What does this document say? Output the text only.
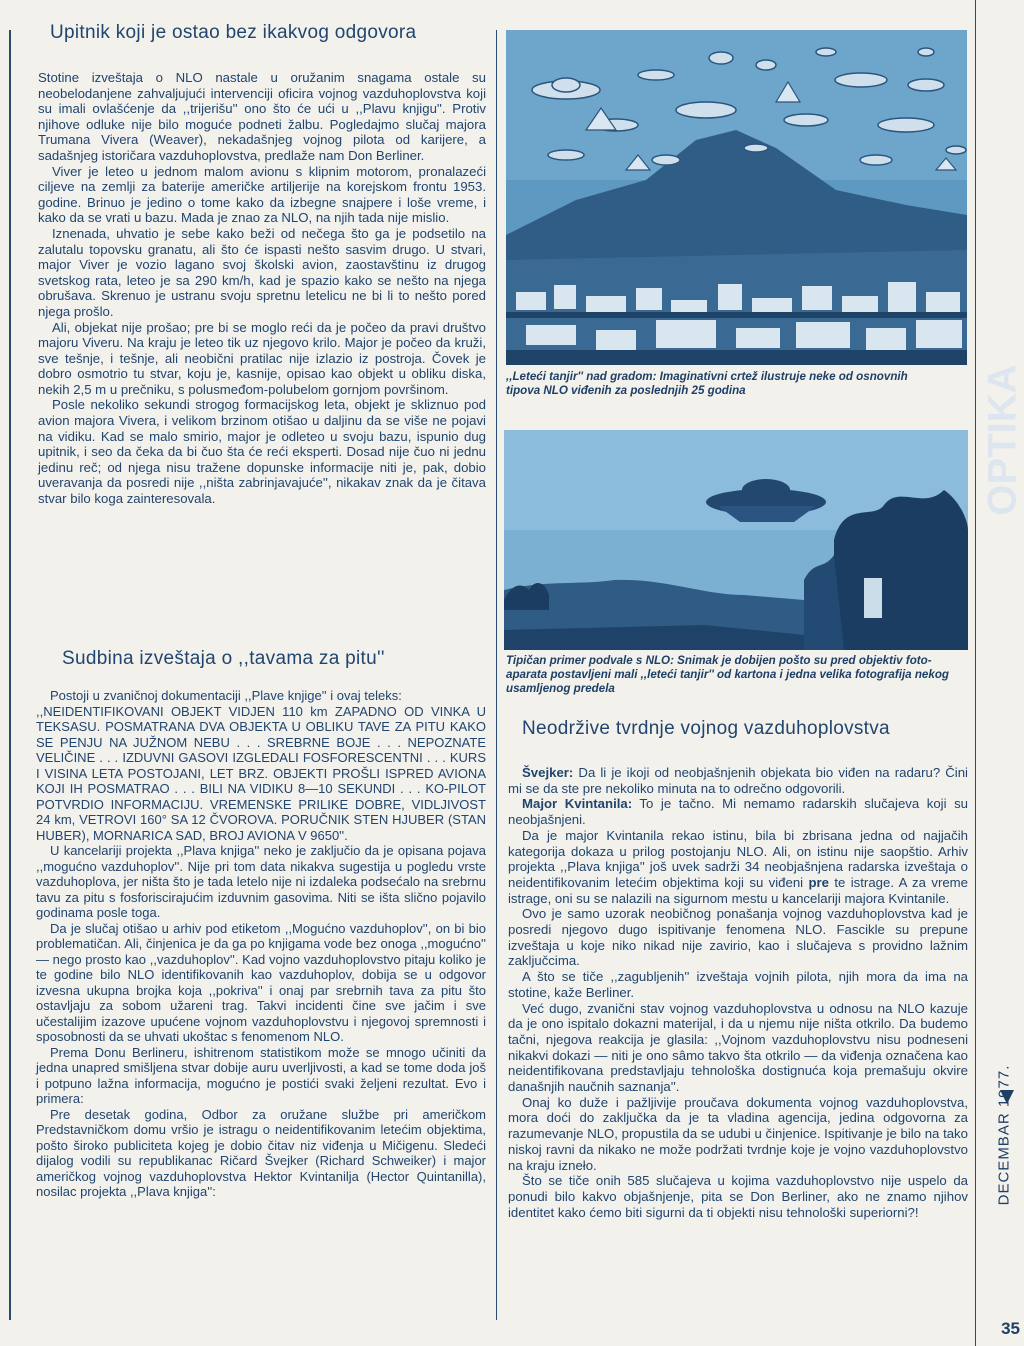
Upitnik koji je ostao bez ikakvog odgovora

Stotine izveštaja o NLO nastale u oružanim snagama ostale su neobelodanjene zahvaljujući intervenciji oficira vojnog vazduhoplovstva koji su imali ovlašćenje da ,,trijerišu'' ono što će ući u ,,Plavu knjigu''. Protiv njihove odluke nije bilo moguće podneti žalbu. Pogledajmo slučaj majora Trumana Vivera (Weaver), nekadašnjeg vojnog pilota od karijere, a sadašnjeg istoričara vazduhoplovstva, predlaže nam Don Berliner.

Viver je leteo u jednom malom avionu s klipnim motorom, pronalazeći ciljeve na zemlji za baterije američke artiljerije na korejskom frontu 1953. godine. Brinuo je jedino o tome kako da izbegne snajpere i loše vreme, i kako da se vrati u bazu. Mada je znao za NLO, na njih tada nije mislio.

Iznenada, uhvatio je sebe kako beži od nečega što ga je podsetilo na zalutalu topovsku granatu, ali što će ispasti nešto sasvim drugo. U stvari, major Viver je vozio lagano svoj školski avion, zaostavštinu iz drugog svetskog rata, leteo je sa 290 km/h, kad je spazio kako se nešto na njega obrušava. Skrenuo je ustranu svoju spretnu letelicu ne bi li to nešto pored njega prošlo.

Ali, objekat nije prošao; pre bi se moglo reći da je počeo da pravi društvo majoru Viveru. Na kraju je leteo tik uz njegovo krilo. Major je počeo da kruži, sve tešnje, i tešnje, ali neobični pratilac nije izlazio iz postroja. Čovek je dobro osmotrio tu stvar, koju je, kasnije, opisao kao objekt u obliku diska, nekih 2,5 m u prečniku, s polusmeđom-polubelom gornjom površinom.

Posle nekoliko sekundi strogog formacijskog leta, objekt je skliznuo pod avion majora Vivera, i velikom brzinom otišao u daljinu da se više ne pojavi na vidiku. Kad se malo smirio, major je odleteo u svoju bazu, ispunio dug upitnik, i seo da čeka da bi čuo šta će reći eksperti. Dosad nije čuo ni jednu jedinu reč; od njega nisu tražene dopunske informacije niti je, pak, dobio uveravanja da posredi nije ,,ništa zabrinjavajuće'', nikakav znak da je čitava stvar bilo koga zainteresovala.

Sudbina izveštaja o ,,tavama za pitu''

Postoji u zvaničnoj dokumentaciji ,,Plave knjige'' i ovaj teleks:

,,NEIDENTIFIKOVANI OBJEKT VIDJEN 110 km ZAPADNO OD VINKA U TEKSASU. POSMATRANA DVA OBJEKTA U OBLIKU TAVE ZA PITU KAKO SE PENJU NA JUŽNOM NEBU . . . SREBRNE BOJE . . . NEPOZNATE VELIČINE . . . IZDUVNI GASOVI IZGLEDALI FOSFORESCENTNI . . . KURS I VISINA LETA POSTOJANI, LET BRZ. OBJEKTI PROŠLI ISPRED AVIONA KOJI IH POSMATRAO . . . BILI NA VIDIKU 8—10 SEKUNDI . . . KO-PILOT POTVRDIO INFORMACIJU. VREMENSKE PRILIKE DOBRE, VIDLJIVOST 24 km, VETROVI 160° SA 12 ČVOROVA. PORUČNIK STEN HJUBER (STAN HUBER), MORNARICA SAD, BROJ AVIONA V 9650''.

U kancelariji projekta ,,Plava knjiga'' neko je zaključio da je opisana pojava ,,mogućno vazduhoplov''. Nije pri tom data nikakva sugestija u pogledu vrste vazduhoplova, jer ništa što je tada letelo nije ni izdaleka podsećalo na srebrnu tavu za pitu s fosforiscirajućim izduvnim gasovima. Niti se išta slično pojavilo godinama posle toga.

Da je slučaj otišao u arhiv pod etiketom ,,Mogućno vazduhoplov'', on bi bio problematičan. Ali, činjenica je da ga po knjigama vode bez onoga ,,mogućno'' — nego prosto kao ,,vazduhoplov''. Kad vojno vazduhoplovstvo pitaju koliko je te godine bilo NLO identifikovanih kao vazduhoplov, dobija se u odgovor izvesna ukupna brojka koja ,,pokriva'' i onaj par srebrnih tava za pitu što ostavljaju za sobom užareni trag. Takvi incidenti čine sve jačim i sve učestalijim izazove upućene vojnom vazduhoplovstvu i njegovoj spremnosti i sposobnosti da se uhvati ukoštac s fenomenom NLO.

Prema Donu Berlineru, ishitrenom statistikom može se mnogo učiniti da jedna unapred smišljena stvar dobije auru uverljivosti, a kad se tome doda još i potpuno lažna informacija, mogućno je postići svaki željeni rezultat. Evo i primera:

Pre desetak godina, Odbor za oružane službe pri američkom Predstavničkom domu vršio je istragu o neidentifikovanim letećim objektima, pošto široko publiciteta kojeg je dobio čitav niz viđenja u Mičigenu. Sledeći dijalog vodili su republikanac Ričard Švejker (Richard Schweiker) i major američkog vojnog vazduhoplovstva Hektor Kvintanilja (Hector Quintanilla), nosilac projekta ,,Plava knjiga'':

,,Leteći tanjir'' nad gradom: Imaginativni crtež ilustruje neke od osnovnih tipova NLO viđenih za poslednjih 25 godina
Tipičan primer podvale s NLO: Snimak je dobijen pošto su pred objektiv foto-aparata postavljeni mali ,,leteći tanjir'' od kartona i jedna velika fotografija nekog usamljenog predela
Neodržive tvrdnje vojnog vazduhoplovstva

Švejker: Da li je ikoji od neobjašnjenih objekata bio viđen na radaru? Čini mi se da ste pre nekoliko minuta na to odrečno odgovorili.

Major Kvintanila: To je tačno. Mi nemamo radarskih slučajeva koji su neobjašnjeni.

Da je major Kvintanila rekao istinu, bila bi zbrisana jedna od najjačih kategorija dokaza u prilog postojanju NLO. Ali, on istinu nije saopštio. Arhiv projekta ,,Plava knjiga'' još uvek sadrži 34 neobjašnjena radarska izveštaja o neidentifikovanim letećim objektima koji su viđeni pre te istrage. A za vreme istrage, oni su se nalazili na sigurnom mestu u kancelariji majora Kvintanile.

Ovo je samo uzorak neobičnog ponašanja vojnog vazduhoplovstva kad je posredi njegovo dugo ispitivanje fenomena NLO. Fascikle su prepune izveštaja u koje niko nikad nije zavirio, kao i slučajeva s providno lažnim zaključcima.

A što se tiče ,,zagubljenih'' izveštaja vojnih pilota, njih mora da ima na stotine, kaže Berliner.

Već dugo, zvanični stav vojnog vazduhoplovstva u odnosu na NLO kazuje da je ono ispitalo dokazni materijal, i da u njemu nije ništa otkrilo. Da budemo tačni, njegova reakcija je glasila: ,,Vojnom vazduhoplovstvu nisu podneseni nikakvi dokazi — niti je ono sâmo takvo šta otkrilo — da viđenja označena kao neidentifikovana predstavljaju tehnološka dostignuća koja premašuju okvire današnjih naučnih saznanja''.

Onaj ko duže i pažljivije proučava dokumenta vojnog vazduhoplovstva, mora doći do zaključka da je ta vladina agencija, jedina odgovorna za razumevanje NLO, propustila da se udubi u činjenice. Ispitivanje je bilo na tako niskoj ravni da nikako ne može podržati tvrdnje koje je vojno vazduhoplovstvo na kraju izneło.

Što se tiče onih 585 slučajeva u kojima vazduhoplovstvo nije uspelo da ponudi bilo kakvo objašnjenje, pita se Don Berliner, ako ne znamo njihov identitet kako ćemo biti sigurni da ti objekti nisu tehnološki superiorni?!

OPTIKA
DECEMBAR 1977.
35
